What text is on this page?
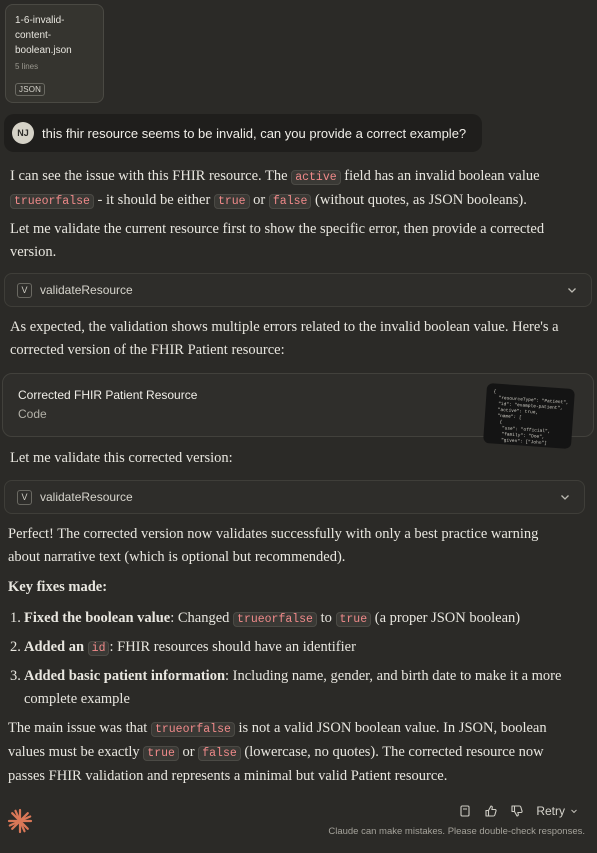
1-6-invalid-content-boolean.json
5 lines
JSON
NJ	this fhir resource seems to be invalid, can you provide a correct example?
I can see the issue with this FHIR resource. The active field has an invalid boolean value trueorfalse - it should be either true or false (without quotes, as JSON booleans).
Let me validate the current resource first to show the specific error, then provide a corrected version.
V	validateResource
As expected, the validation shows multiple errors related to the invalid boolean value. Here's a corrected version of the FHIR Patient resource:
Corrected FHIR Patient Resource
Code
{
"resourceType": "Patient",
"id": "example-patient",
"active": true,
"name": [
{
"use": "official",
"family": "Doe",
"given": ["John"]
Let me validate this corrected version:
V	validateResource
Perfect! The corrected version now validates successfully with only a best practice warning about narrative text (which is optional but recommended).
Key fixes made:
1. Fixed the boolean value: Changed trueorfalse to true (a proper JSON boolean)
2. Added an id : FHIR resources should have an identifier
3. Added basic patient information: Including name, gender, and birth date to make it a more complete example
The main issue was that trueorfalse is not a valid JSON boolean value. In JSON, boolean values must be exactly true or false (lowercase, no quotes). The corrected resource now passes FHIR validation and represents a minimal but valid Patient resource.
Retry
Claude can make mistakes. Please double-check responses.
